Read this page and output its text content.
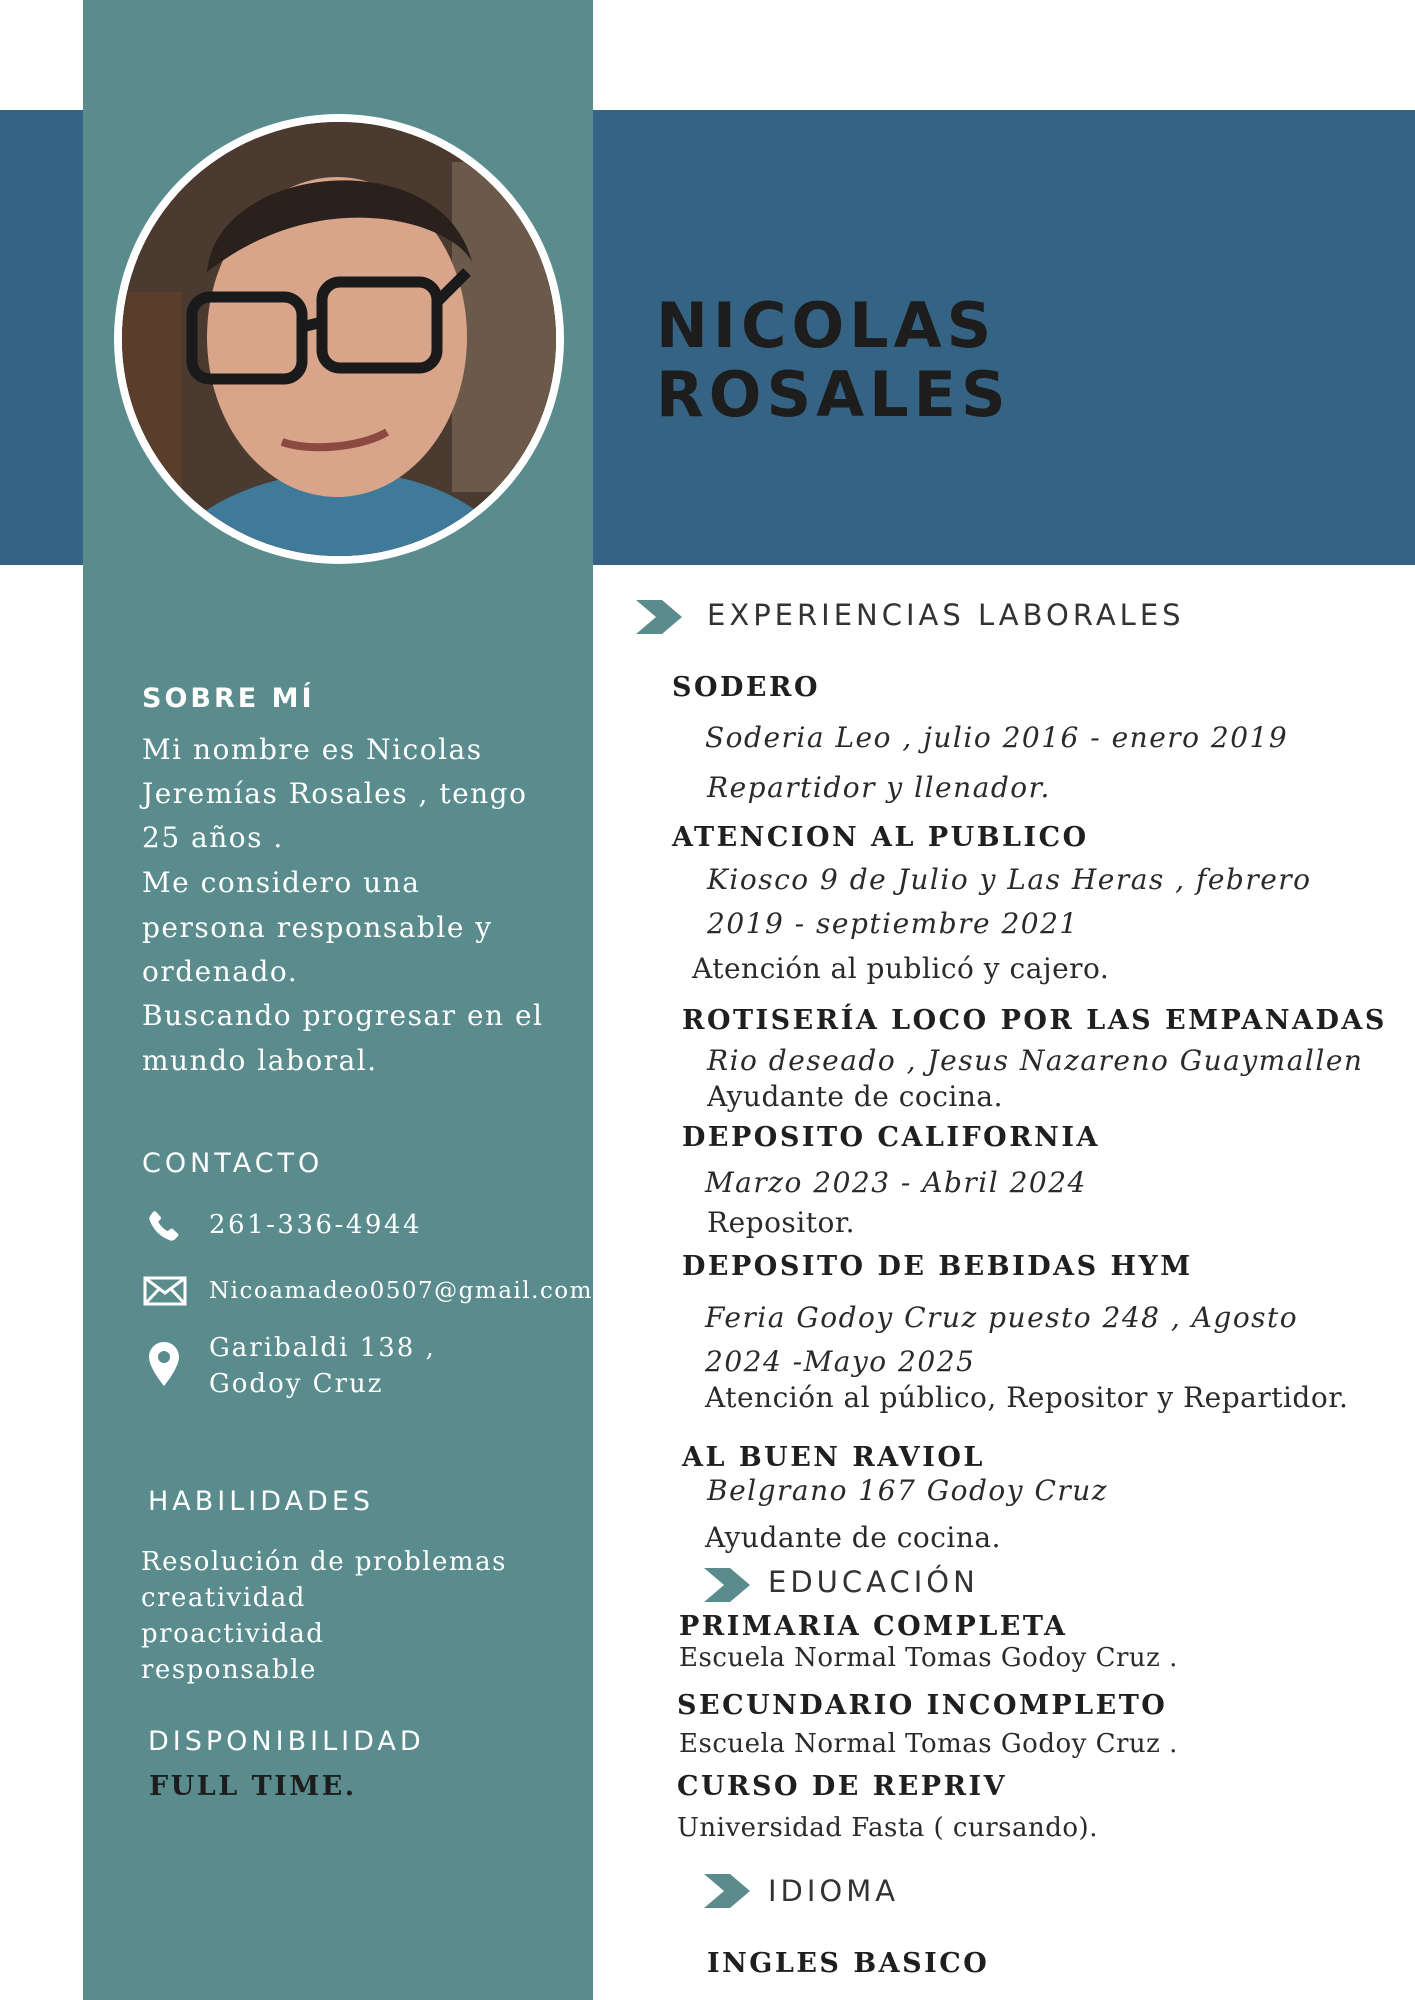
NICOLAS
ROSALES
SOBRE MÍ
Mi nombre es Nicolas
Jeremías Rosales , tengo
25 años .
Me considero una
persona responsable y
ordenado.
Buscando progresar en el
mundo laboral.
CONTACTO
261-336-4944
Nicoamadeo0507@gmail.com
Garibaldi 138 ,
Godoy Cruz
HABILIDADES
Resolución de problemas
creatividad
proactividad
responsable
DISPONIBILIDAD
FULL TIME.
EXPERIENCIAS LABORALES
SODERO
Soderia Leo , julio 2016 - enero 2019
Repartidor y llenador.
ATENCION AL PUBLICO
Kiosco 9 de Julio y Las Heras , febrero
2019 - septiembre 2021
Atención al publicó y cajero.
ROTISERÍA LOCO POR LAS EMPANADAS
Rio deseado , Jesus Nazareno Guaymallen
Ayudante de cocina.
DEPOSITO CALIFORNIA
Marzo 2023 - Abril 2024
Repositor.
DEPOSITO DE BEBIDAS HYM
Feria Godoy Cruz puesto 248 , Agosto
2024 -Mayo 2025
Atención al público, Repositor y Repartidor.
AL BUEN RAVIOL
Belgrano 167 Godoy Cruz
Ayudante de cocina.
EDUCACIÓN
PRIMARIA COMPLETA
Escuela Normal Tomas Godoy Cruz .
SECUNDARIO INCOMPLETO
Escuela Normal Tomas Godoy Cruz .
CURSO DE REPRIV
Universidad Fasta ( cursando).
IDIOMA
INGLES BASICO
